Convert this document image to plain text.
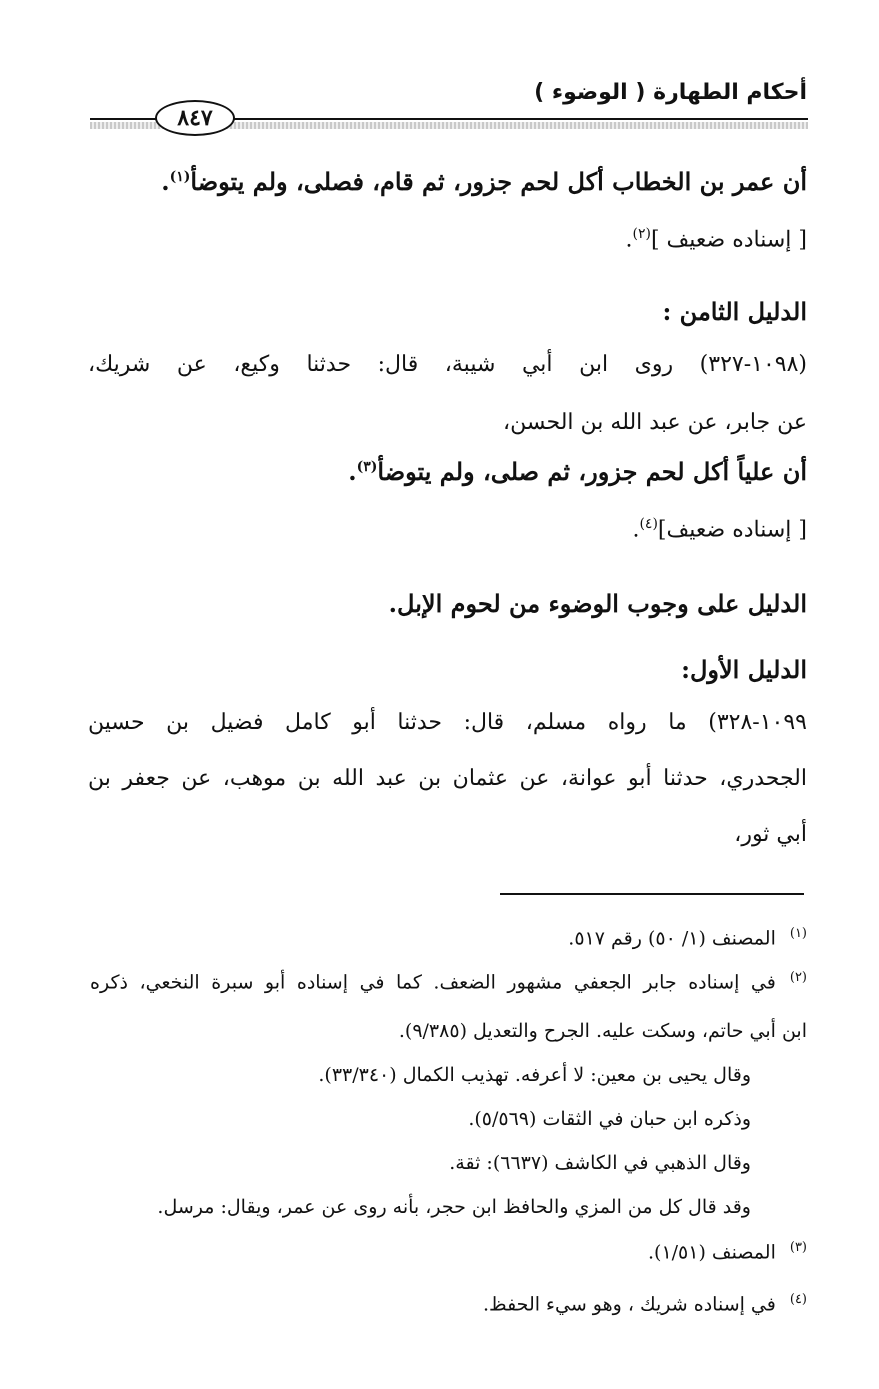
أحكام الطهارة ( الوضوء )
٨٤٧
أن عمر بن الخطاب أكل لحم جزور، ثم قام، فصلى، ولم يتوضأ$^{(١)}$.
[ إسناده ضعيف ]$^{(٢)}$.
الدليل الثامن :
(١٠٩٨-٣٢٧) روى ابن أبي شيبة، قال: حدثنا وكيع، عن شريك،
عن جابر، عن عبد الله بن الحسن،
أن علياً أكل لحم جزور، ثم صلى، ولم يتوضأ$^{(٣)}$.
[ إسناده ضعيف]$^{(٤)}$.
الدليل على وجوب الوضوء من لحوم الإبل.
الدليل الأول:
١٠٩٩-٣٢٨) ما رواه مسلم، قال: حدثنا أبو كامل فضيل بن حسين
الجحدري، حدثنا أبو عوانة، عن عثمان بن عبد الله بن موهب، عن جعفر بن
أبي ثور،
$^{(١)}$المصنف (١/ ٥٠) رقم ٥١٧.
$^{(٢)}$في إسناده جابر الجعفي مشهور الضعف. كما في إسناده أبو سبرة النخعي، ذكره
ابن أبي حاتم، وسكت عليه. الجرح والتعديل (٩/٣٨٥).
وقال يحيى بن معين: لا أعرفه. تهذيب الكمال (٣٣/٣٤٠).
وذكره ابن حبان في الثقات (٥/٥٦٩).
وقال الذهبي في الكاشف (٦٦٣٧): ثقة.
وقد قال كل من المزي والحافظ ابن حجر، بأنه روى عن عمر، ويقال: مرسل.
$^{(٣)}$المصنف (١/٥١).
$^{(٤)}$في إسناده شريك ، وهو سيء الحفظ.
